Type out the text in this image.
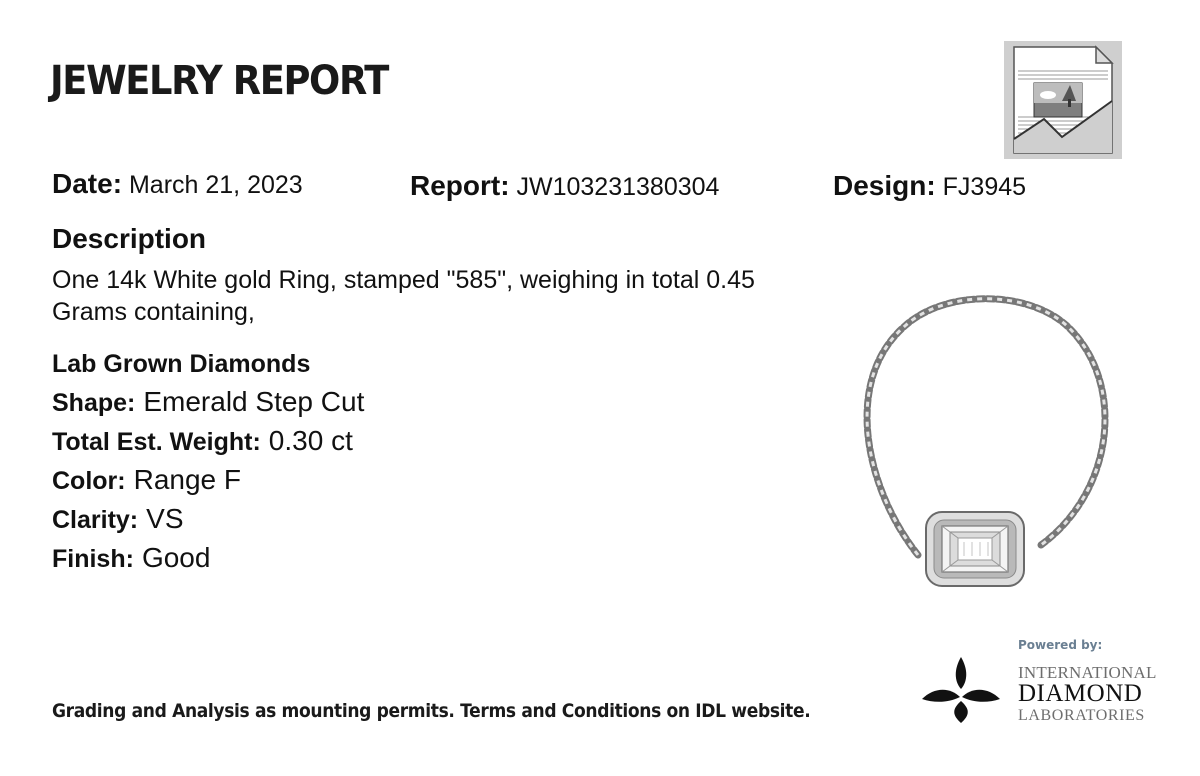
JEWELRY REPORT
Date: March 21, 2023	Report: JW103231380304	Design: FJ3945
Description
One 14k White gold Ring, stamped "585", weighing in total 0.45 Grams containing,
Lab Grown Diamonds
Shape: Emerald Step Cut
Total Est. Weight: 0.30 ct
Color: Range F
Clarity: VS
Finish: Good
Grading and Analysis as mounting permits. Terms and Conditions on IDL website.
Powered by:
INTERNATIONAL
DIAMOND
LABORATORIES
